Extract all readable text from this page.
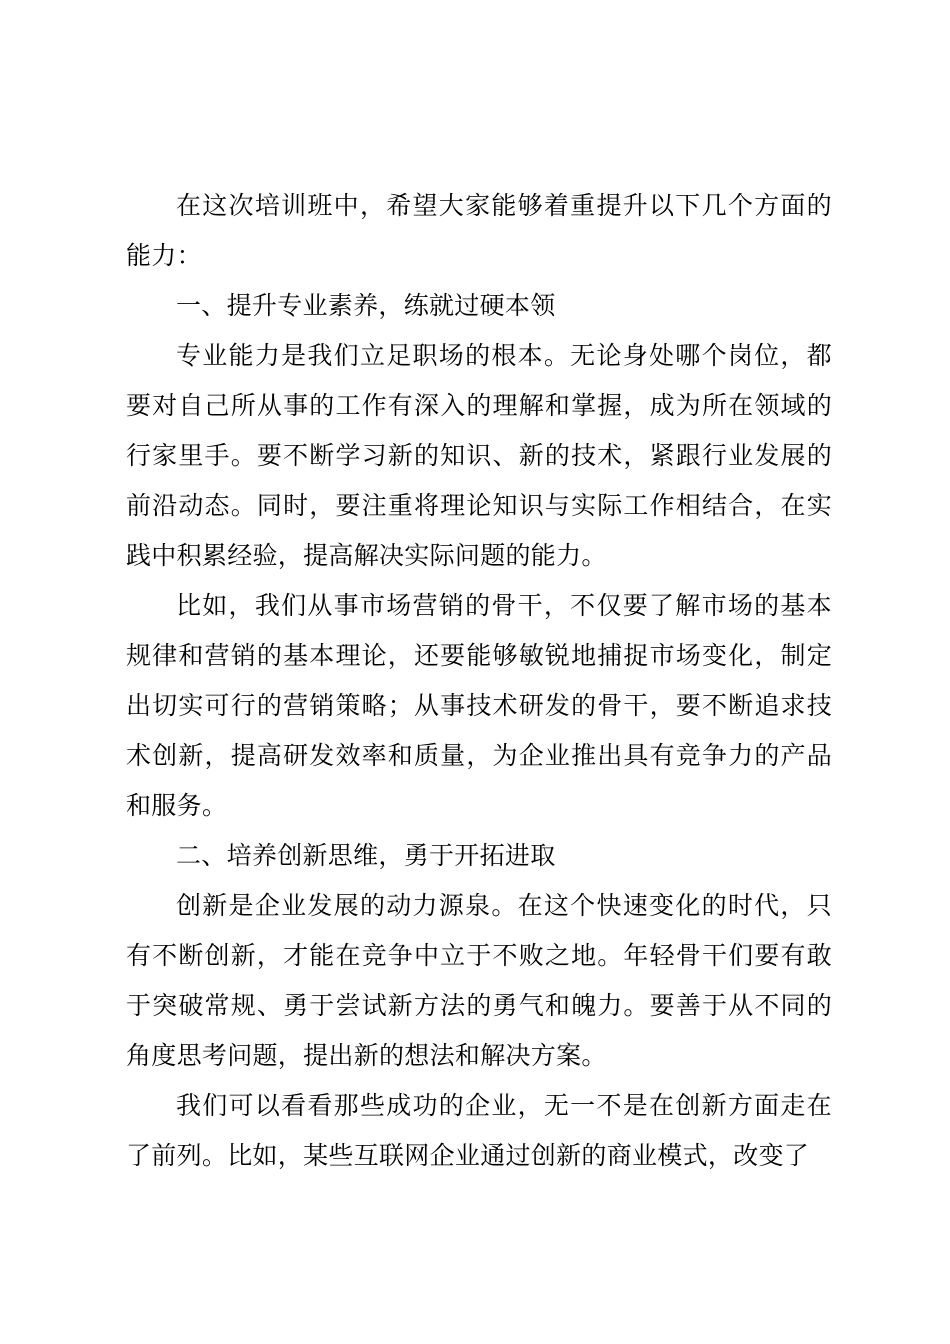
在这次培训班中，希望大家能够着重提升以下几个方面的能力：

一、提升专业素养，练就过硬本领

专业能力是我们立足职场的根本。无论身处哪个岗位，都要对自己所从事的工作有深入的理解和掌握，成为所在领域的行家里手。要不断学习新的知识、新的技术，紧跟行业发展的前沿动态。同时，要注重将理论知识与实际工作相结合，在实践中积累经验，提高解决实际问题的能力。

比如，我们从事市场营销的骨干，不仅要了解市场的基本规律和营销的基本理论，还要能够敏锐地捕捉市场变化，制定出切实可行的营销策略；从事技术研发的骨干，要不断追求技术创新，提高研发效率和质量，为企业推出具有竞争力的产品和服务。

二、培养创新思维，勇于开拓进取

创新是企业发展的动力源泉。在这个快速变化的时代，只有不断创新，才能在竞争中立于不败之地。年轻骨干们要有敢于突破常规、勇于尝试新方法的勇气和魄力。要善于从不同的角度思考问题，提出新的想法和解决方案。

我们可以看看那些成功的企业，无一不是在创新方面走在了前列。比如，某些互联网企业通过创新的商业模式，改变了
